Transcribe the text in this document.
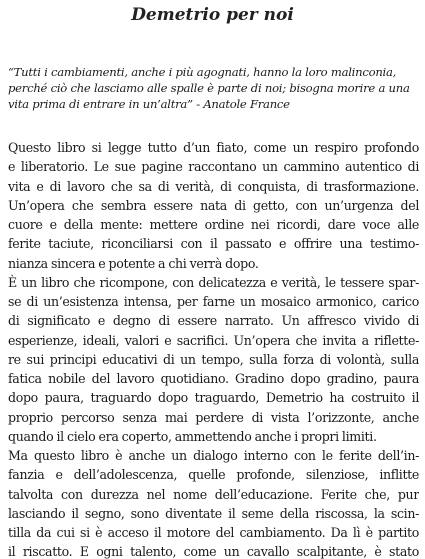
Demetrio per noi

“Tutti i cambiamenti, anche i più agognati, hanno la loro malinconia,
perché ciò che lasciamo alle spalle è parte di noi; bisogna morire a una
vita prima di entrare in un’altra” - Anatole France

Questo libro si legge tutto d’un fiato, come un respiro profondo
e liberatorio. Le sue pagine raccontano un cammino autentico di
vita e di lavoro che sa di verità, di conquista, di trasformazione.
Un’opera che sembra essere nata di getto, con un’urgenza del
cuore e della mente: mettere ordine nei ricordi, dare voce alle
ferite taciute, riconciliarsi con il passato e offrire una testimo-
nianza sincera e potente a chi verrà dopo.
È un libro che ricompone, con delicatezza e verità, le tessere spar-
se di un’esistenza intensa, per farne un mosaico armonico, carico
di significato e degno di essere narrato. Un affresco vivido di
esperienze, ideali, valori e sacrifici. Un’opera che invita a riflette-
re sui principi educativi di un tempo, sulla forza di volontà, sulla
fatica nobile del lavoro quotidiano. Gradino dopo gradino, paura
dopo paura, traguardo dopo traguardo, Demetrio ha costruito il
proprio percorso senza mai perdere di vista l’orizzonte, anche
quando il cielo era coperto, ammettendo anche i propri limiti.
Ma questo libro è anche un dialogo interno con le ferite dell’in-
fanzia e dell’adolescenza, quelle profonde, silenziose, inflitte
talvolta con durezza nel nome dell’educazione. Ferite che, pur
lasciando il segno, sono diventate il seme della riscossa, la scin-
tilla da cui si è acceso il motore del cambiamento. Da lì è partito
il riscatto. E ogni talento, come un cavallo scalpitante, è stato
